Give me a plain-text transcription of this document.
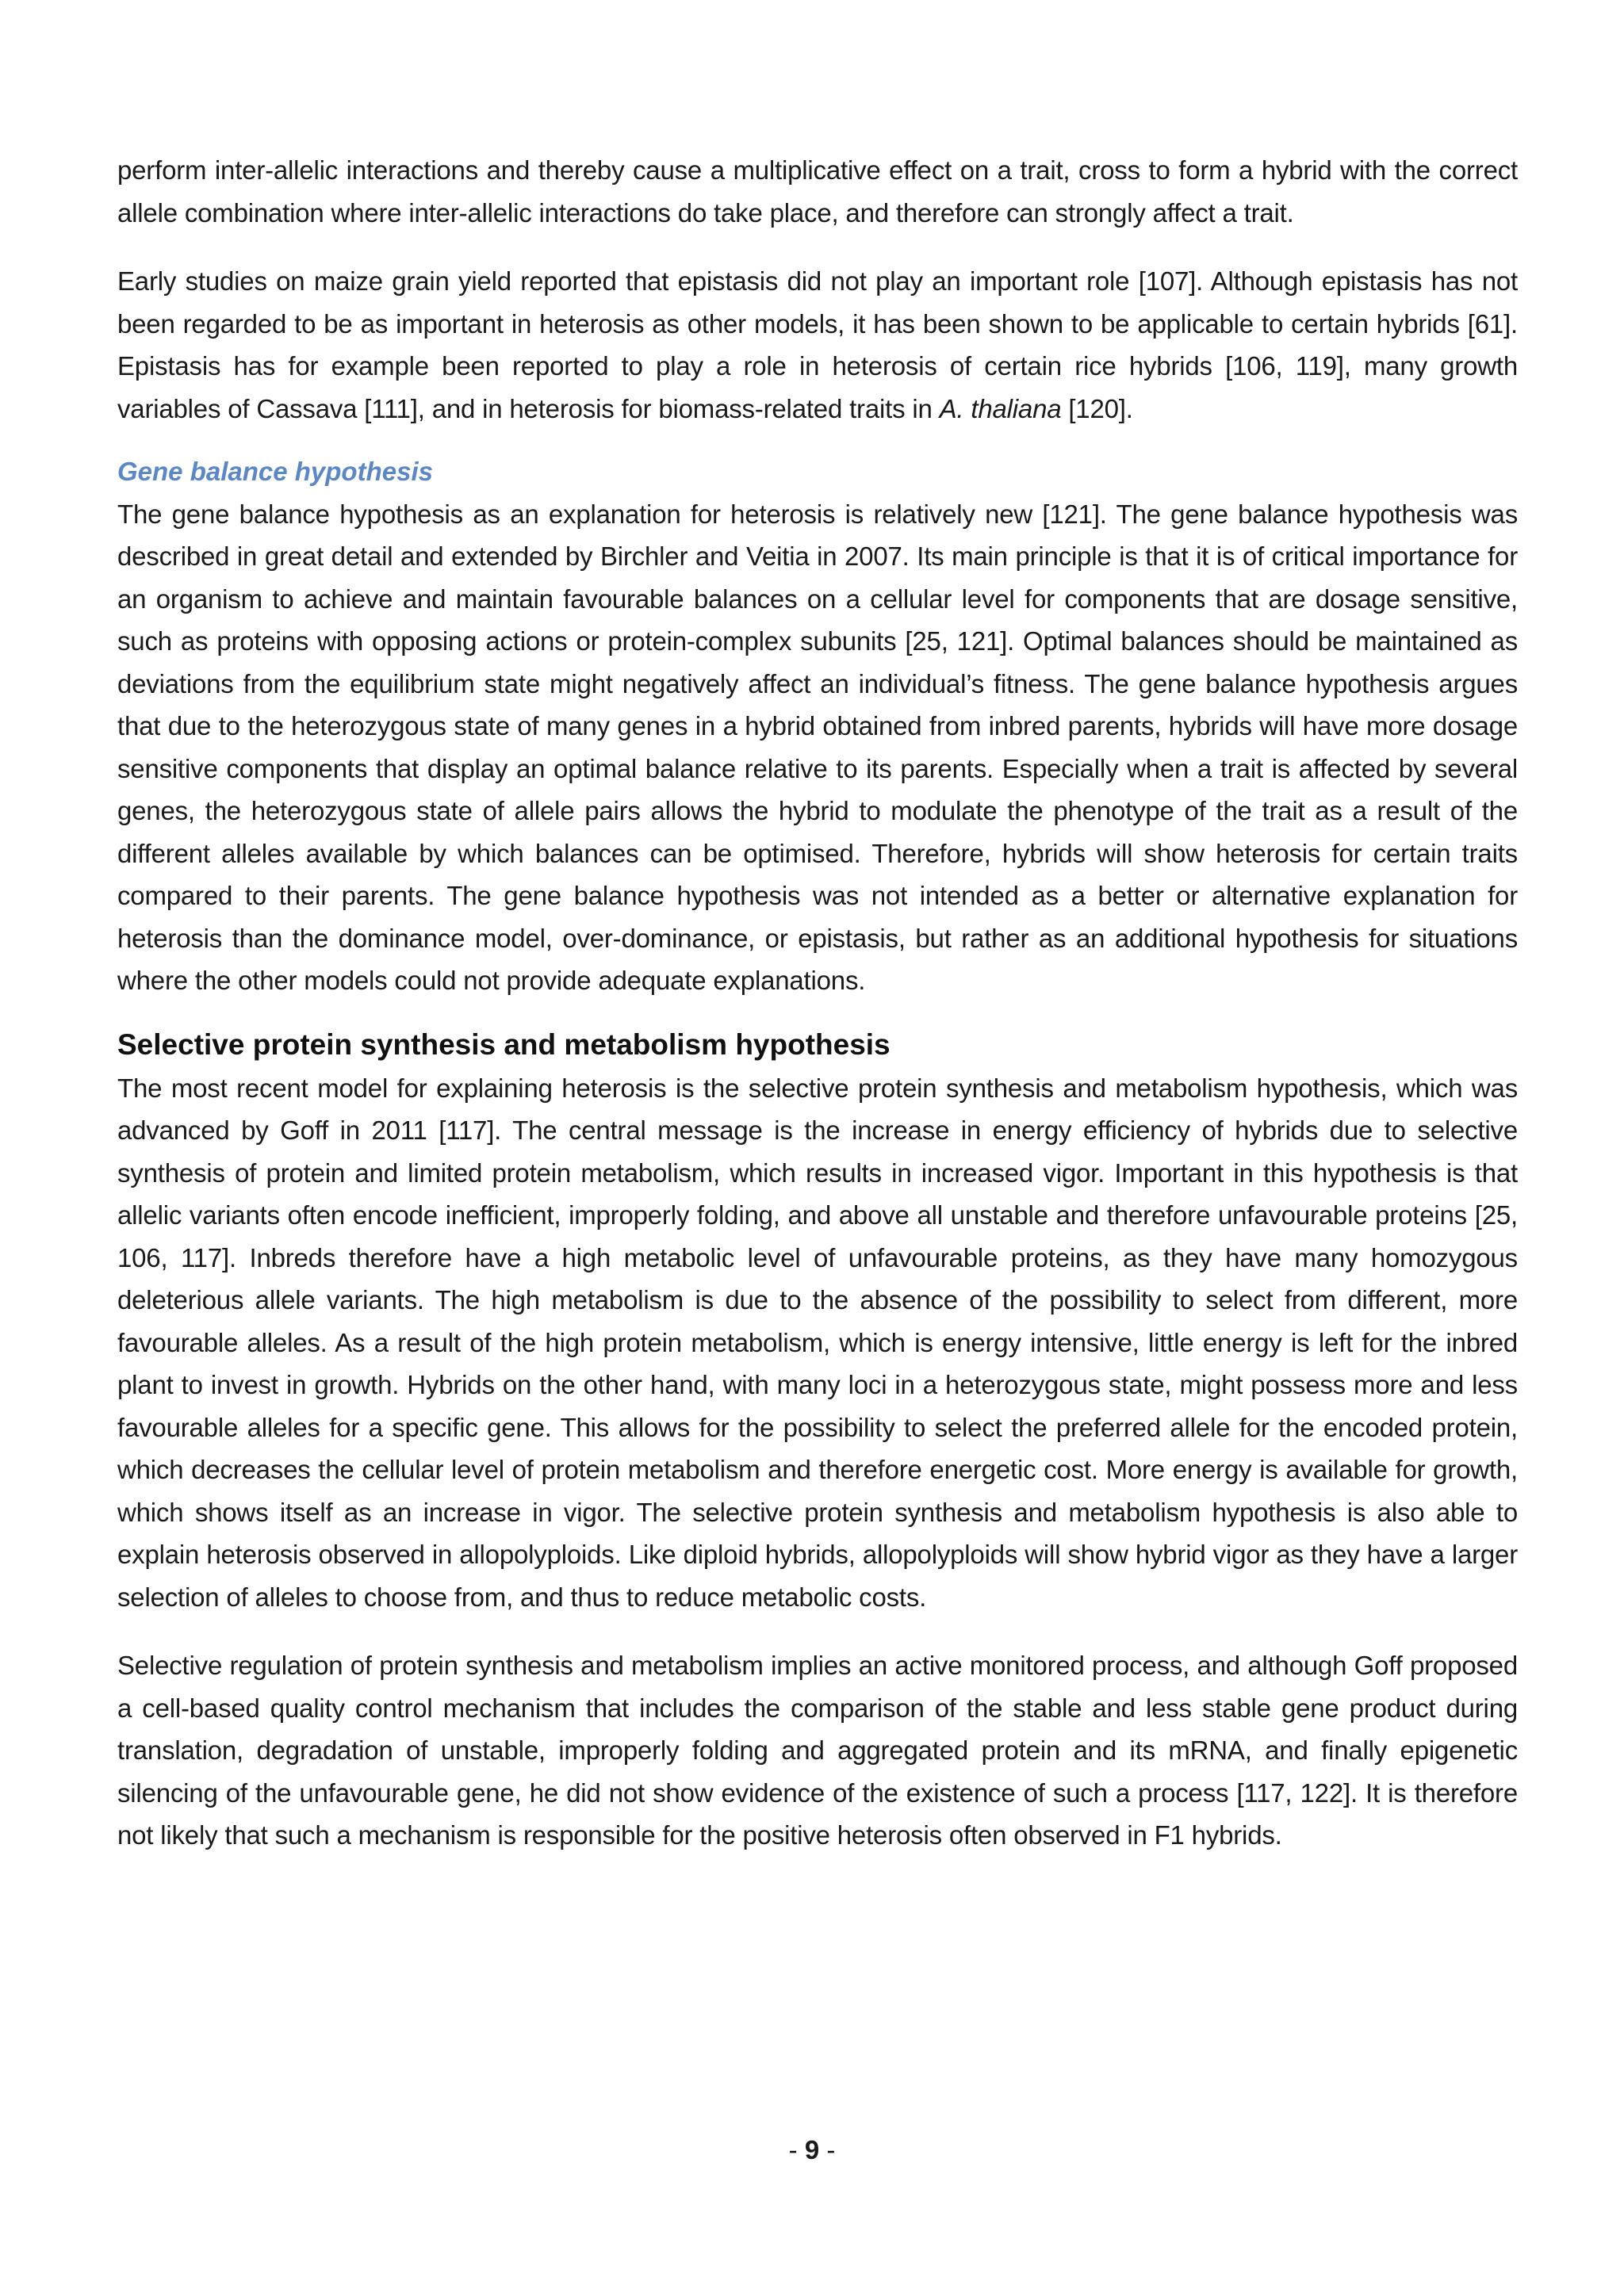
perform inter-allelic interactions and thereby cause a multiplicative effect on a trait, cross to form a hybrid with the correct allele combination where inter-allelic interactions do take place, and therefore can strongly affect a trait.

Early studies on maize grain yield reported that epistasis did not play an important role [107]. Although epistasis has not been regarded to be as important in heterosis as other models, it has been shown to be applicable to certain hybrids [61]. Epistasis has for example been reported to play a role in heterosis of certain rice hybrids [106, 119], many growth variables of Cassava [111], and in heterosis for biomass-related traits in A. thaliana [120].

Gene balance hypothesis

The gene balance hypothesis as an explanation for heterosis is relatively new [121]. The gene balance hypothesis was described in great detail and extended by Birchler and Veitia in 2007. Its main principle is that it is of critical importance for an organism to achieve and maintain favourable balances on a cellular level for components that are dosage sensitive, such as proteins with opposing actions or protein-complex subunits [25, 121]. Optimal balances should be maintained as deviations from the equilibrium state might negatively affect an individual’s fitness. The gene balance hypothesis argues that due to the heterozygous state of many genes in a hybrid obtained from inbred parents, hybrids will have more dosage sensitive components that display an optimal balance relative to its parents. Especially when a trait is affected by several genes, the heterozygous state of allele pairs allows the hybrid to modulate the phenotype of the trait as a result of the different alleles available by which balances can be optimised. Therefore, hybrids will show heterosis for certain traits compared to their parents. The gene balance hypothesis was not intended as a better or alternative explanation for heterosis than the dominance model, over-dominance, or epistasis, but rather as an additional hypothesis for situations where the other models could not provide adequate explanations.

Selective protein synthesis and metabolism hypothesis

The most recent model for explaining heterosis is the selective protein synthesis and metabolism hypothesis, which was advanced by Goff in 2011 [117]. The central message is the increase in energy efficiency of hybrids due to selective synthesis of protein and limited protein metabolism, which results in increased vigor. Important in this hypothesis is that allelic variants often encode inefficient, improperly folding, and above all unstable and therefore unfavourable proteins [25, 106, 117]. Inbreds therefore have a high metabolic level of unfavourable proteins, as they have many homozygous deleterious allele variants. The high metabolism is due to the absence of the possibility to select from different, more favourable alleles. As a result of the high protein metabolism, which is energy intensive, little energy is left for the inbred plant to invest in growth. Hybrids on the other hand, with many loci in a heterozygous state, might possess more and less favourable alleles for a specific gene. This allows for the possibility to select the preferred allele for the encoded protein, which decreases the cellular level of protein metabolism and therefore energetic cost. More energy is available for growth, which shows itself as an increase in vigor. The selective protein synthesis and metabolism hypothesis is also able to explain heterosis observed in allopolyploids. Like diploid hybrids, allopolyploids will show hybrid vigor as they have a larger selection of alleles to choose from, and thus to reduce metabolic costs.

Selective regulation of protein synthesis and metabolism implies an active monitored process, and although Goff proposed a cell-based quality control mechanism that includes the comparison of the stable and less stable gene product during translation, degradation of unstable, improperly folding and aggregated protein and its mRNA, and finally epigenetic silencing of the unfavourable gene, he did not show evidence of the existence of such a process [117, 122]. It is therefore not likely that such a mechanism is responsible for the positive heterosis often observed in F1 hybrids.

- 9 -
